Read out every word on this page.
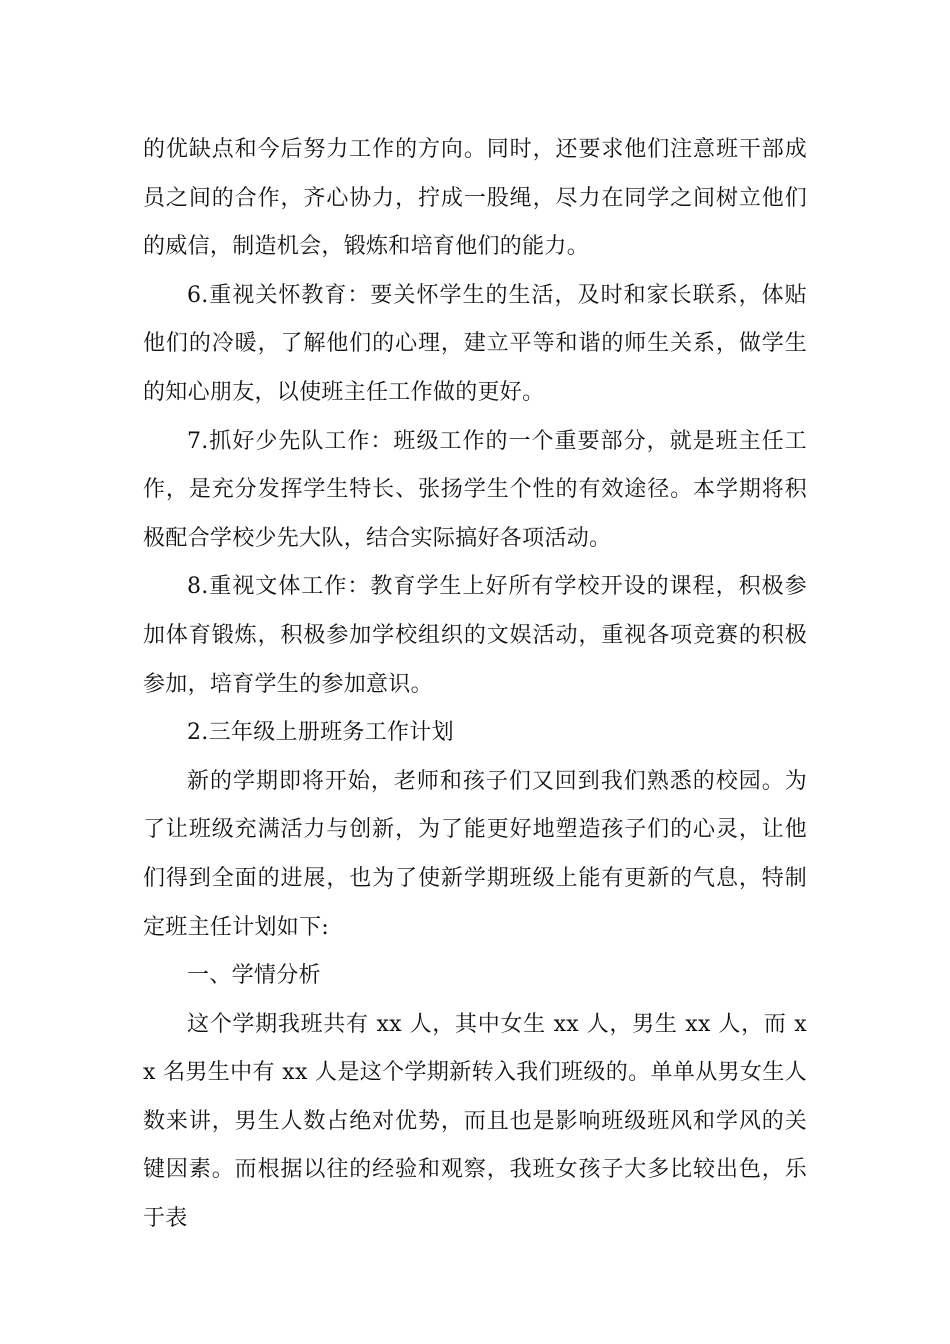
的优缺点和今后努力工作的方向。同时，还要求他们注意班干部成员之间的合作，齐心协力，拧成一股绳，尽力在同学之间树立他们的威信，制造机会，锻炼和培育他们的能力。

6.重视关怀教育：要关怀学生的生活，及时和家长联系，体贴他们的冷暖，了解他们的心理，建立平等和谐的师生关系，做学生的知心朋友，以使班主任工作做的更好。

7.抓好少先队工作：班级工作的一个重要部分，就是班主任工作，是充分发挥学生特长、张扬学生个性的有效途径。本学期将积极配合学校少先大队，结合实际搞好各项活动。

8.重视文体工作：教育学生上好所有学校开设的课程，积极参加体育锻炼，积极参加学校组织的文娱活动，重视各项竞赛的积极参加，培育学生的参加意识。

2.三年级上册班务工作计划

新的学期即将开始，老师和孩子们又回到我们熟悉的校园。为了让班级充满活力与创新，为了能更好地塑造孩子们的心灵，让他们得到全面的进展，也为了使新学期班级上能有更新的气息，特制定班主任计划如下:

一、学情分析

这个学期我班共有 xx 人，其中女生 xx 人，男生 xx 人，而 xx 名男生中有 xx 人是这个学期新转入我们班级的。单单从男女生人数来讲，男生人数占绝对优势，而且也是影响班级班风和学风的关键因素。而根据以往的经验和观察，我班女孩子大多比较出色，乐于表
